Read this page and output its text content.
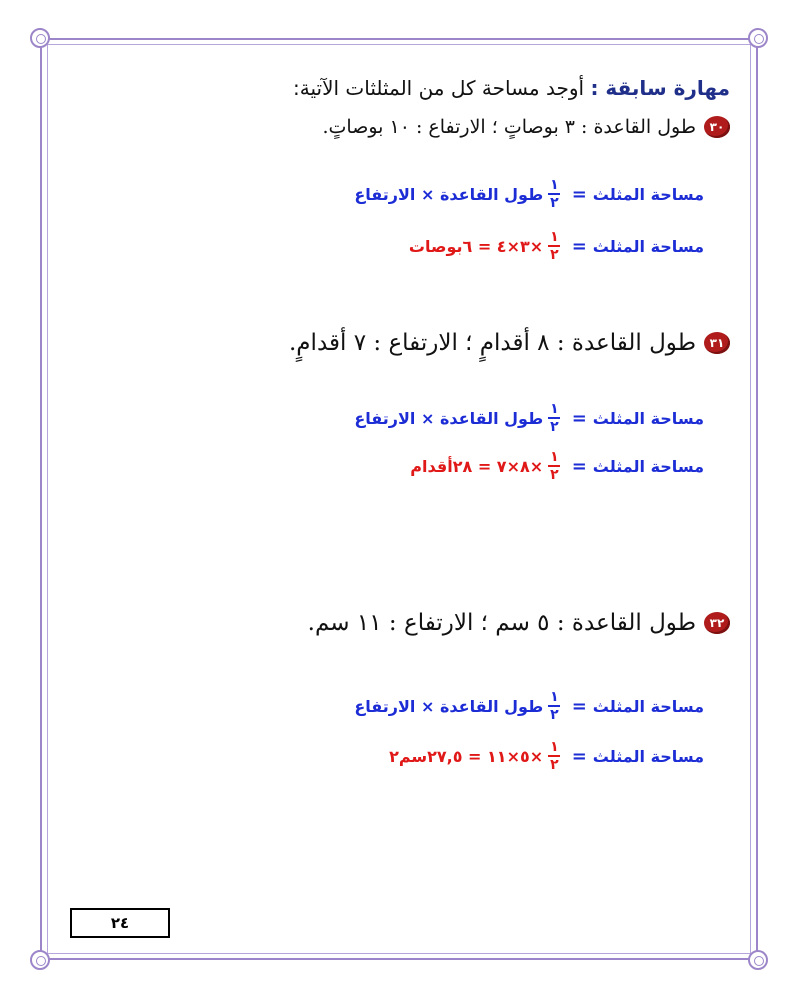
مهارة سابقة : أوجد مساحة كل من المثلثات الآتية:
٣٠
طول القاعدة : ٣ بوصاتٍ ؛ الارتفاع : ١٠ بوصاتٍ.
مساحة المثلث
=
$\frac{١}{٢}$
طول القاعدة × الارتفاع
مساحة المثلث
=
$\frac{١}{٢}$
×٣×٤ = ٦بوصات
٣١
طول القاعدة : ٨ أقدامٍ ؛ الارتفاع : ٧ أقدامٍ.
مساحة المثلث
=
$\frac{١}{٢}$
طول القاعدة × الارتفاع
مساحة المثلث
=
$\frac{١}{٢}$
×٨×٧ = ٢٨أقدام
٣٢
طول القاعدة : ٥ سم ؛ الارتفاع : ١١ سم.
مساحة المثلث
=
$\frac{١}{٢}$
طول القاعدة × الارتفاع
مساحة المثلث
=
$\frac{١}{٢}$
×٥×١١ = ٢٧,٥سم٢
٢٤
